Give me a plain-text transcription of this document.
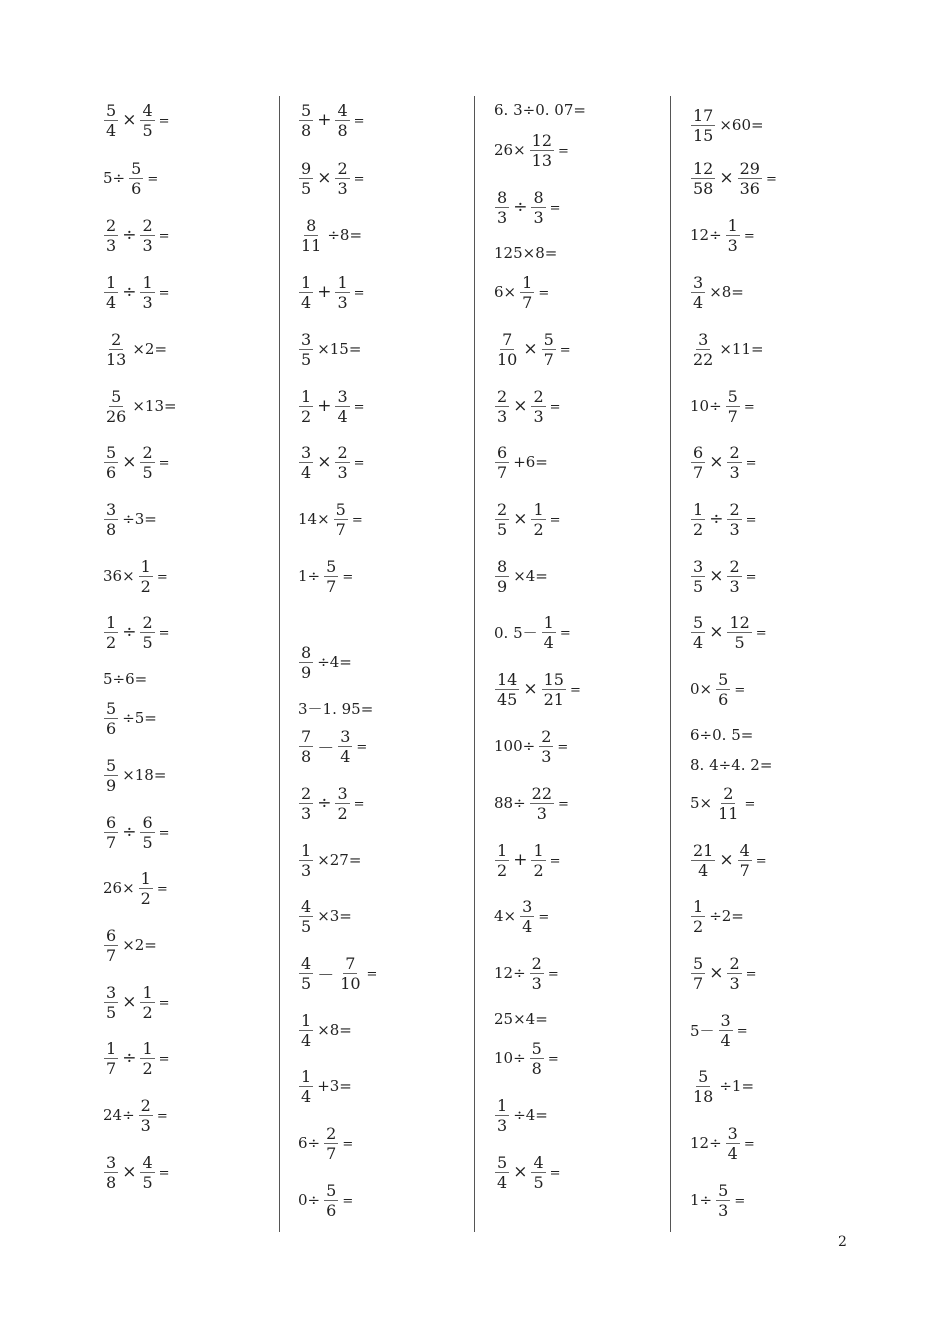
$\frac{5}{4} \times \frac{4}{5}$ =
$5\div \frac{5}{6}$ =
$\frac{2}{3} \div \frac{2}{3}$ =
$\frac{1}{4} \div \frac{1}{3}$ =
$\frac{2}{13} \times 2=$
$\frac{5}{26} \times 13=$
$\frac{5}{6} \times \frac{2}{5}$ =
$\frac{3}{8} \div 3=$
$36\times \frac{1}{2}$ =
$\frac{1}{2} \div \frac{2}{5}$ =
5÷6=
$\frac{5}{6} \div 5=$
$\frac{5}{9} \times 18=$
$\frac{6}{7} \div \frac{6}{5}$ =
$26\times \frac{1}{2}$ =
$\frac{6}{7} \times 2=$
$\frac{3}{5} \times \frac{1}{2}$ =
$\frac{1}{7} \div \frac{1}{2}$ =
$24\div \frac{2}{3}$ =
$\frac{3}{8} \times \frac{4}{5}$ =
$\frac{5}{8} + \frac{4}{8}$ =
$\frac{9}{5} \times \frac{2}{3}$ =
$\frac{8}{11} \div 8=$
$\frac{1}{4} + \frac{1}{3}$ =
$\frac{3}{5} \times 15=$
$\frac{1}{2} + \frac{3}{4}$ =
$\frac{3}{4} \times \frac{2}{3}$ =
$14\times \frac{5}{7}$ =
$1\div \frac{5}{7}$ =
$\frac{8}{9} \div 4=$
3－1. 95=
$\frac{7}{8} - \frac{3}{4}$ =
$\frac{2}{3} \div \frac{3}{2}$ =
$\frac{1}{3} \times 27=$
$\frac{4}{5} \times 3=$
$\frac{4}{5} - \frac{7}{10}$ =
$\frac{1}{4} \times 8=$
$\frac{1}{4} +3=$
$6\div \frac{2}{7}$ =
$0\div \frac{5}{6}$ =
6. 3÷0. 07=
$26\times \frac{12}{13}$ =
$\frac{8}{3} \div \frac{8}{3}$ =
125×8=
$6\times \frac{1}{7}$ =
$\frac{7}{10} \times \frac{5}{7}$ =
$\frac{2}{3} \times \frac{2}{3}$ =
$\frac{6}{7} +6=$
$\frac{2}{5} \times \frac{1}{2}$ =
$\frac{8}{9} \times 4=$
0. $5- \frac{1}{4}$ =
$\frac{14}{45} \times \frac{15}{21}$ =
$100\div \frac{2}{3}$ =
$88\div \frac{22}{3}$ =
$\frac{1}{2} + \frac{1}{2}$ =
$4\times \frac{3}{4}$ =
$12\div \frac{2}{3}$ =
25×4=
$10\div \frac{5}{8}$ =
$\frac{1}{3} \div 4=$
$\frac{5}{4} \times \frac{4}{5}$ =
$\frac{17}{15} \times 60=$
$\frac{12}{58} \times \frac{29}{36}$ =
$12\div \frac{1}{3}$ =
$\frac{3}{4} \times 8=$
$\frac{3}{22} \times 11=$
$10\div \frac{5}{7}$ =
$\frac{6}{7} \times \frac{2}{3}$ =
$\frac{1}{2} \div \frac{2}{3}$ =
$\frac{3}{5} \times \frac{2}{3}$ =
$\frac{5}{4} \times \frac{12}{5}$ =
$0\times \frac{5}{6}$ =
6÷0. 5=
8. 4÷4. 2=
$5\times \frac{2}{11}$ =
$\frac{21}{4} \times \frac{4}{7}$ =
$\frac{1}{2} \div 2=$
$\frac{5}{7} \times \frac{2}{3}$ =
$5- \frac{3}{4}$ =
$\frac{5}{18} \div 1=$
$12\div \frac{3}{4}$ =
$1\div \frac{5}{3}$ =
2
